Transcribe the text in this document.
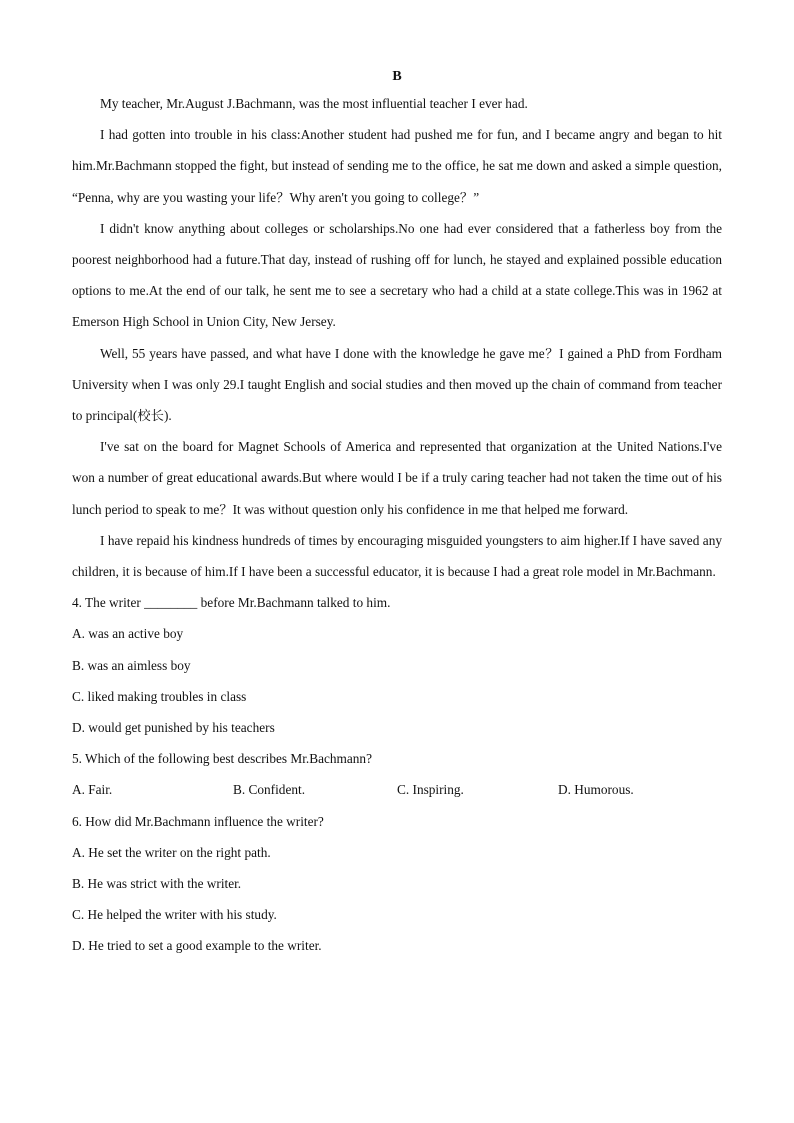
B

My teacher, Mr.August J.Bachmann, was the most influential teacher I ever had.

I had gotten into trouble in his class:Another student had pushed me for fun, and I became angry and began to hit him.Mr.Bachmann stopped the fight, but instead of sending me to the office, he sat me down and asked a simple question, “Penna, why are you wasting your life？Why aren't you going to college？”

I didn't know anything about colleges or scholarships.No one had ever considered that a fatherless boy from the poorest neighborhood had a future.That day, instead of rushing off for lunch, he stayed and explained possible education options to me.At the end of our talk, he sent me to see a secretary who had a child at a state college.This was in 1962 at Emerson High School in Union City, New Jersey.

Well, 55 years have passed, and what have I done with the knowledge he gave me？I gained a PhD from Fordham University when I was only 29.I taught English and social studies and then moved up the chain of command from teacher to principal(校长).

I've sat on the board for Magnet Schools of America and represented that organization at the United Nations.I've won a number of great educational awards.But where would I be if a truly caring teacher had not taken the time out of his lunch period to speak to me？It was without question only his confidence in me that helped me forward.

I have repaid his kindness hundreds of times by encouraging misguided youngsters to aim higher.If I have saved any children, it is because of him.If I have been a successful educator, it is because I had a great role model in Mr.Bachmann.

4. The writer ________ before Mr.Bachmann talked to him.

A. was an active boy

B. was an aimless boy

C. liked making troubles in class

D. would get punished by his teachers

5. Which of the following best describes Mr.Bachmann?

A. Fair.	B. Confident.	C. Inspiring.	D. Humorous.

6. How did Mr.Bachmann influence the writer?

A. He set the writer on the right path.

B. He was strict with the writer.

C. He helped the writer with his study.

D. He tried to set a good example to the writer.
